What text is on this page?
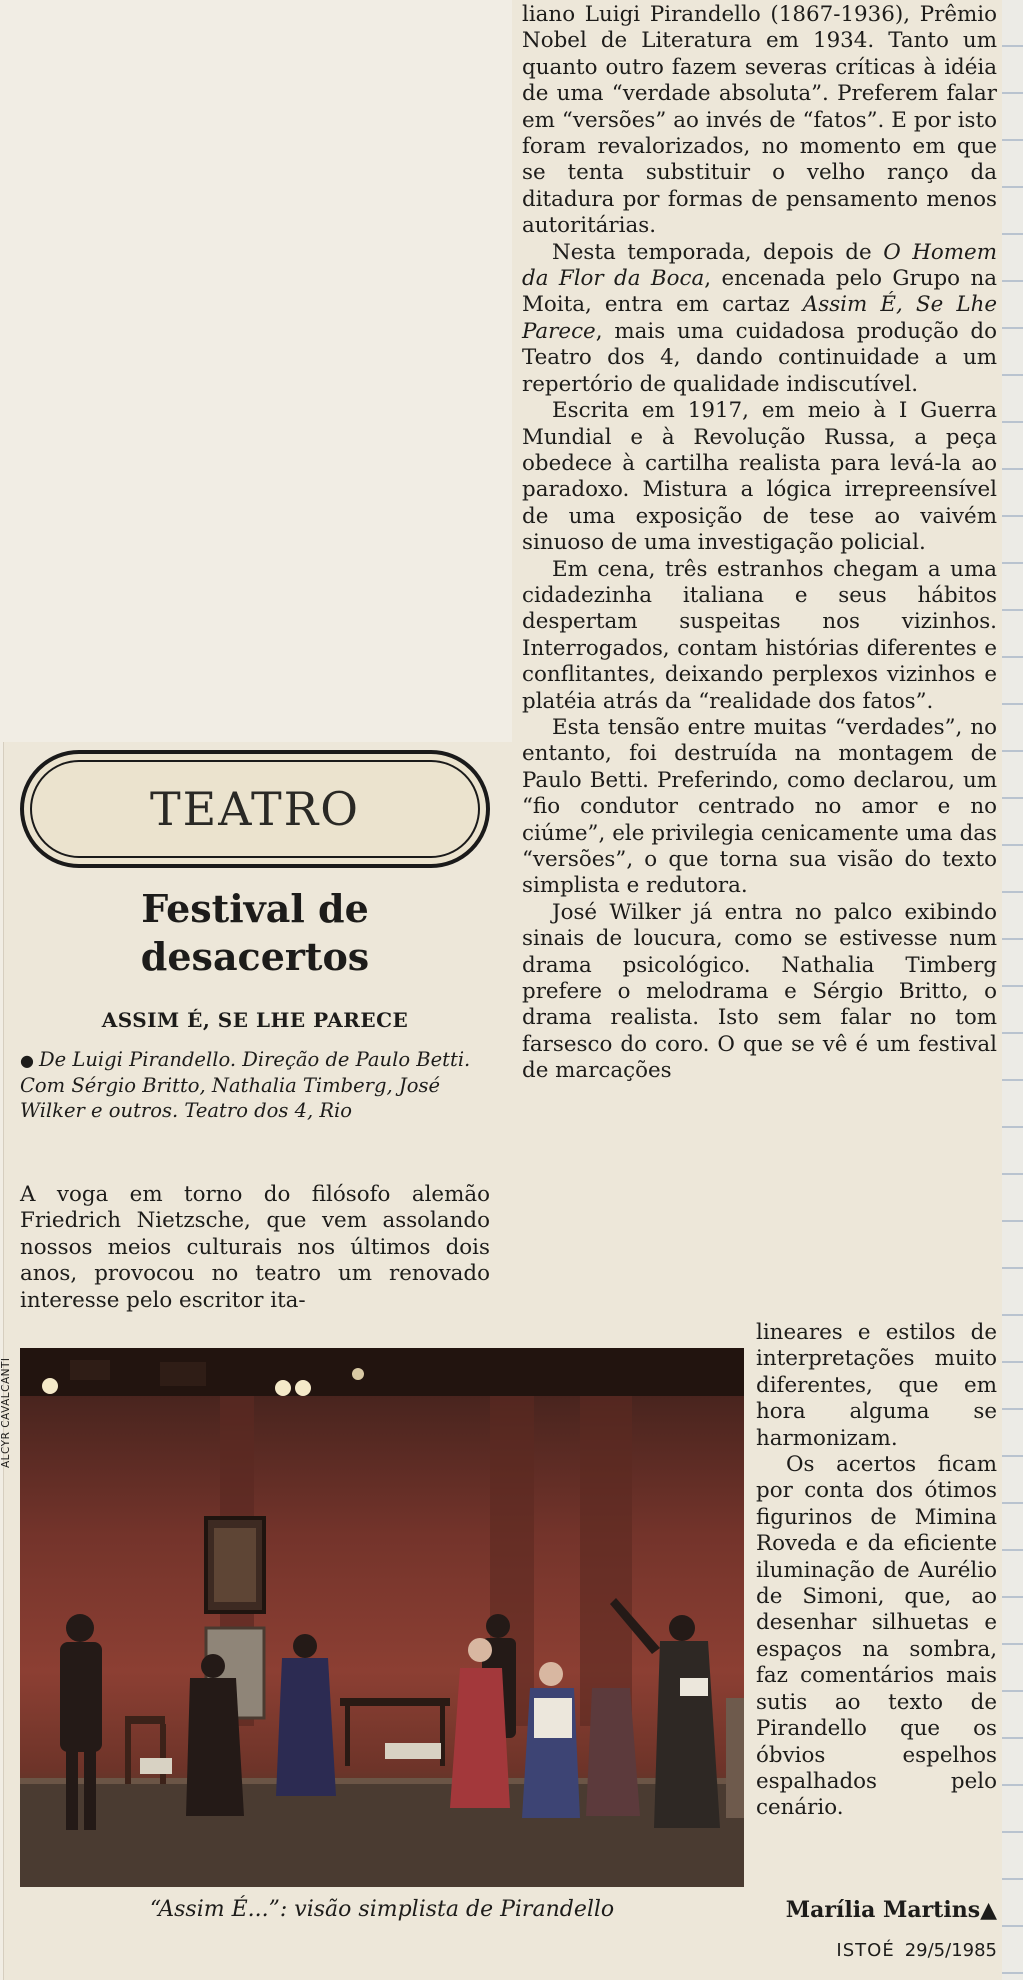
liano Luigi Pirandello (1867-1936), Prêmio Nobel de Literatura em 1934. Tanto um quanto outro fazem severas críticas à idéia de uma “verdade absoluta”. Preferem falar em “versões” ao invés de “fatos”. E por isto foram revalorizados, no momento em que se tenta substituir o velho ranço da ditadura por formas de pensamento menos autoritárias.

Nesta temporada, depois de O Homem da Flor da Boca, encenada pelo Grupo na Moita, entra em cartaz Assim É, Se Lhe Parece, mais uma cuidadosa produção do Teatro dos 4, dando continuidade a um repertório de qualidade indiscutível.

Escrita em 1917, em meio à I Guerra Mundial e à Revolução Russa, a peça obedece à cartilha realista para levá-la ao paradoxo. Mistura a lógica irrepreensível de uma exposição de tese ao vaivém sinuoso de uma investigação policial.

Em cena, três estranhos chegam a uma cidadezinha italiana e seus hábitos despertam suspeitas nos vizinhos. Interrogados, contam histórias diferentes e conflitantes, deixando perplexos vizinhos e platéia atrás da “realidade dos fatos”.

Esta tensão entre muitas “verdades”, no entanto, foi destruída na montagem de Paulo Betti. Preferindo, como declarou, um “fio condutor centrado no amor e no ciúme”, ele privilegia cenicamente uma das “versões”, o que torna sua visão do texto simplista e redutora.

José Wilker já entra no palco exibindo sinais de loucura, como se estivesse num drama psicológico. Nathalia Timberg prefere o melodrama e Sérgio Britto, o drama realista. Isto sem falar no tom farsesco do coro. O que se vê é um festival de marcações

lineares e estilos de interpretações muito diferentes, que em hora alguma se harmonizam.

Os acertos ficam por conta dos ótimos figurinos de Mimina Roveda e da eficiente iluminação de Aurélio de Simoni, que, ao desenhar silhuetas e espaços na sombra, faz comentários mais sutis ao texto de Pirandello que os óbvios espelhos espalhados pelo cenário.

TEATRO
Festival de
desacertos
ASSIM É, SE LHE PARECE
● De Luigi Pirandello. Direção de Paulo Betti. Com Sérgio Britto, Nathalia Timberg, José Wilker e outros. Teatro dos 4, Rio

A voga em torno do filósofo alemão Friedrich Nietzsche, que vem assolando nossos meios culturais nos últimos dois anos, provocou no teatro um renovado interesse pelo escritor ita-

ALCYR CAVALCANTI
“Assim É...”: visão simplista de Pirandello	Marília Martins▲
ISTOÉ 29/5/1985
